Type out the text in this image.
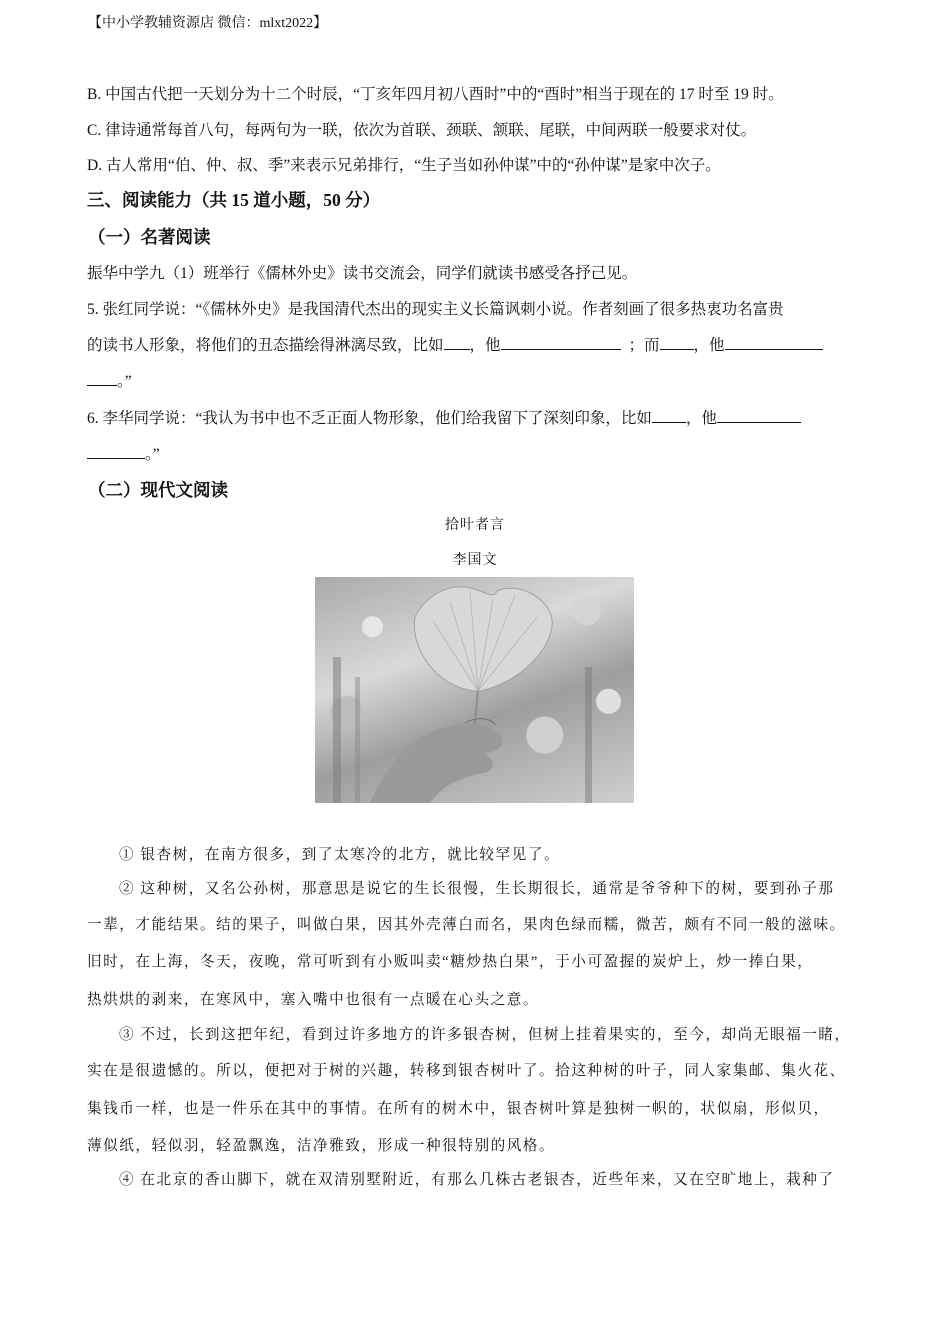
【中小学教辅资源店 微信：mlxt2022】
B. 中国古代把一天划分为十二个时辰，“丁亥年四月初八酉时”中的“酉时”相当于现在的 17 时至 19 时。
C. 律诗通常每首八句，每两句为一联，依次为首联、颈联、颔联、尾联，中间两联一般要求对仗。
D. 古人常用“伯、仲、叔、季”来表示兄弟排行，“生子当如孙仲谋”中的“孙仲谋”是家中次子。
三、阅读能力（共 15 道小题，50 分）
（一）名著阅读
振华中学九（1）班举行《儒林外史》读书交流会，同学们就读书感受各抒己见。
5. 张红同学说：“《儒林外史》是我国清代杰出的现实主义长篇讽刺小说。作者刻画了很多热衷功名富贵
的读书人形象，将他们的丑态描绘得淋漓尽致，比如 ，他	；而 ，他
。”
6. 李华同学说：“我认为书中也不乏正面人物形象，他们给我留下了深刻印象，比如 ，他
。”
（二）现代文阅读
拾叶者言
李国文
① 银杏树，在南方很多，到了太寒冷的北方，就比较罕见了。
② 这种树，又名公孙树，那意思是说它的生长很慢，生长期很长，通常是爷爷种下的树，要到孙子那
一辈，才能结果。结的果子，叫做白果，因其外壳薄白而名，果肉色绿而糯，微苦，颇有不同一般的滋味。
旧时，在上海，冬天，夜晚，常可听到有小贩叫卖“糖炒热白果”，于小可盈握的炭炉上，炒一捧白果，
热烘烘的剥来，在寒风中，塞入嘴中也很有一点暖在心头之意。
③ 不过，长到这把年纪，看到过许多地方的许多银杏树，但树上挂着果实的，至今，却尚无眼福一睹，
实在是很遗憾的。所以，便把对于树的兴趣，转移到银杏树叶了。拾这种树的叶子，同人家集邮、集火花、
集钱币一样，也是一件乐在其中的事情。在所有的树木中，银杏树叶算是独树一帜的，状似扇，形似贝，
薄似纸，轻似羽，轻盈飘逸，洁净雅致，形成一种很特别的风格。
④ 在北京的香山脚下，就在双清别墅附近，有那么几株古老银杏，近些年来，又在空旷地上，栽种了
